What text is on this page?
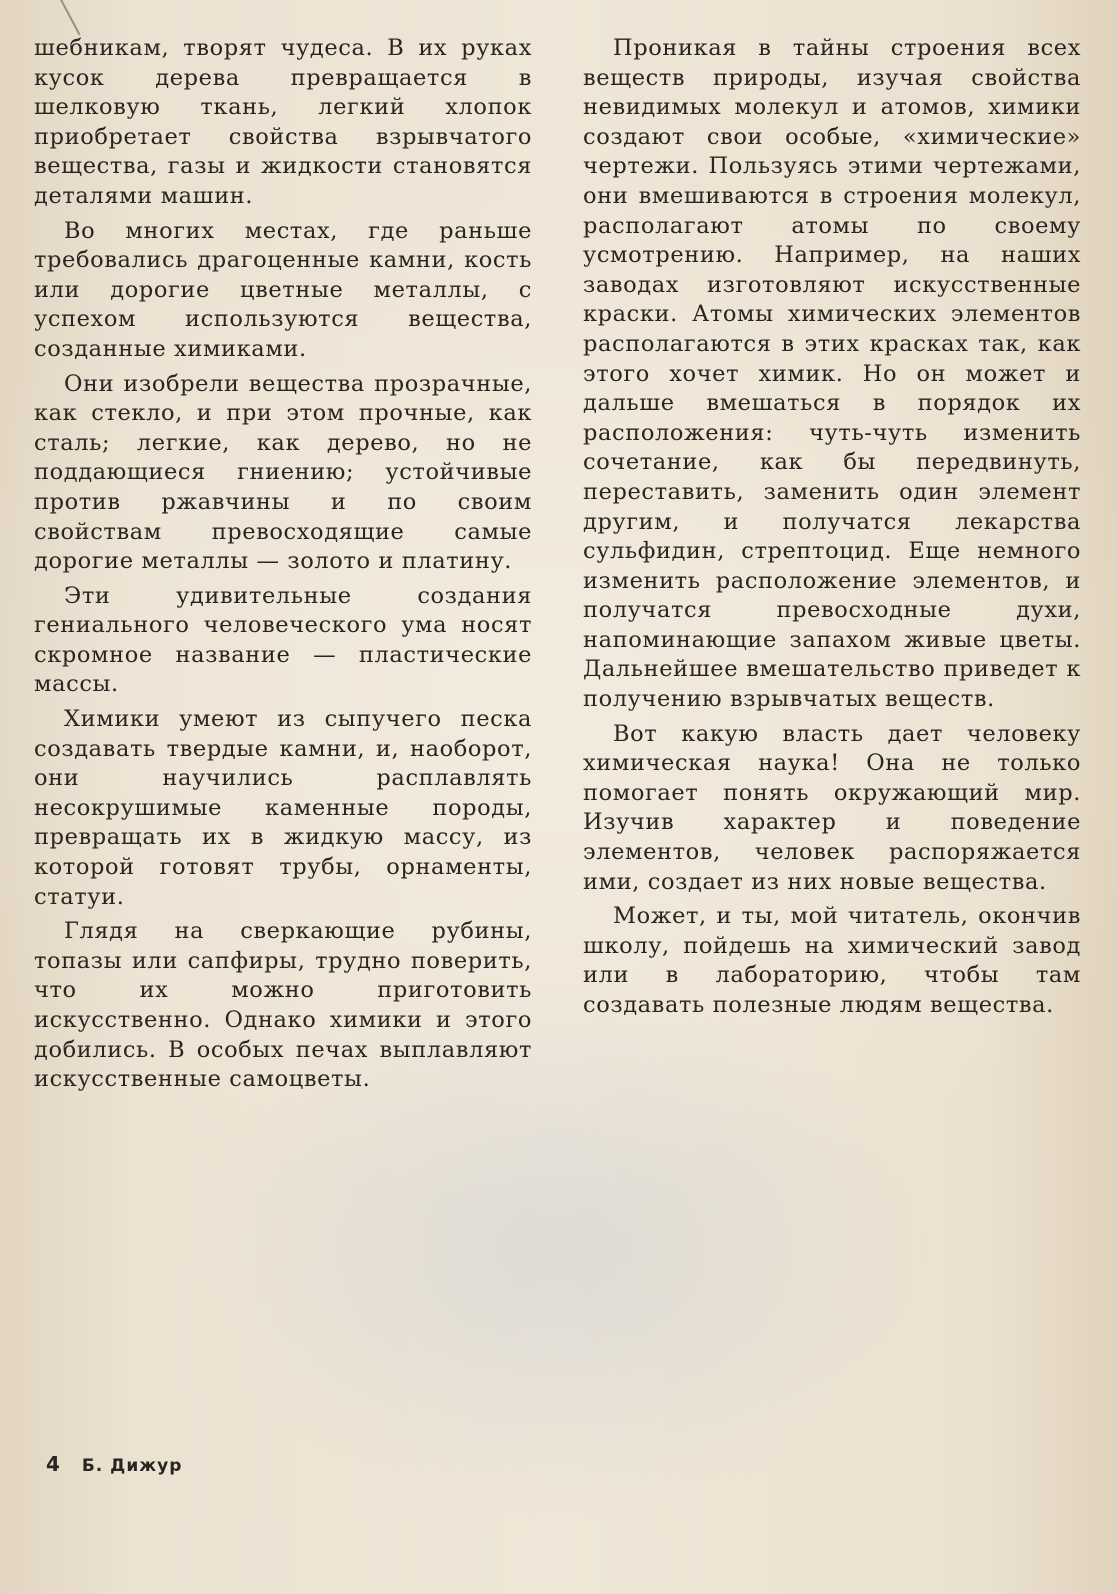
шебникам, творят чудеса. В их руках кусок дерева превращается в шелковую ткань, легкий хлопок приобретает свойства взрывчатого вещества, газы и жидкости становятся деталями машин.

Во многих местах, где раньше требовались драгоценные камни, кость или дорогие цветные металлы, с успехом используются вещества, созданные химиками.

Они изобрели вещества прозрачные, как стекло, и при этом прочные, как сталь; легкие, как дерево, но не поддающиеся гниению; устойчивые против ржавчины и по своим свойствам превосходящие самые дорогие металлы — золото и платину.

Эти удивительные создания гениального человеческого ума носят скромное название — пластические массы.

Химики умеют из сыпучего песка создавать твердые камни, и, наоборот, они научились расплавлять несокрушимые каменные породы, превращать их в жидкую массу, из которой готовят трубы, орнаменты, статуи.

Глядя на сверкающие рубины, топазы или сапфиры, трудно поверить, что их можно приготовить искусственно. Однако химики и этого добились. В особых печах выплавляют искусственные самоцветы.

Проникая в тайны строения всех веществ природы, изучая свойства невидимых молекул и атомов, химики создают свои особые, «химические» чертежи. Пользуясь этими чертежами, они вмешиваются в строения молекул, располагают атомы по своему усмотрению. Например, на наших заводах изготовляют искусственные краски. Атомы химических элементов располагаются в этих красках так, как этого хочет химик. Но он может и дальше вмешаться в порядок их расположения: чуть-чуть изменить сочетание, как бы передвинуть, переставить, заменить один элемент другим, и получатся лекарства сульфидин, стрептоцид. Еще немного изменить расположение элементов, и получатся превосходные духи, напоминающие запахом живые цветы. Дальнейшее вмешательство приведет к получению взрывчатых веществ.

Вот какую власть дает человеку химическая наука! Она не только помогает понять окружающий мир. Изучив характер и поведение элементов, человек распоряжается ими, создает из них новые вещества.

Может, и ты, мой читатель, окончив школу, пойдешь на химический завод или в лабораторию, чтобы там создавать полезные людям вещества.

4 Б. Дижур
